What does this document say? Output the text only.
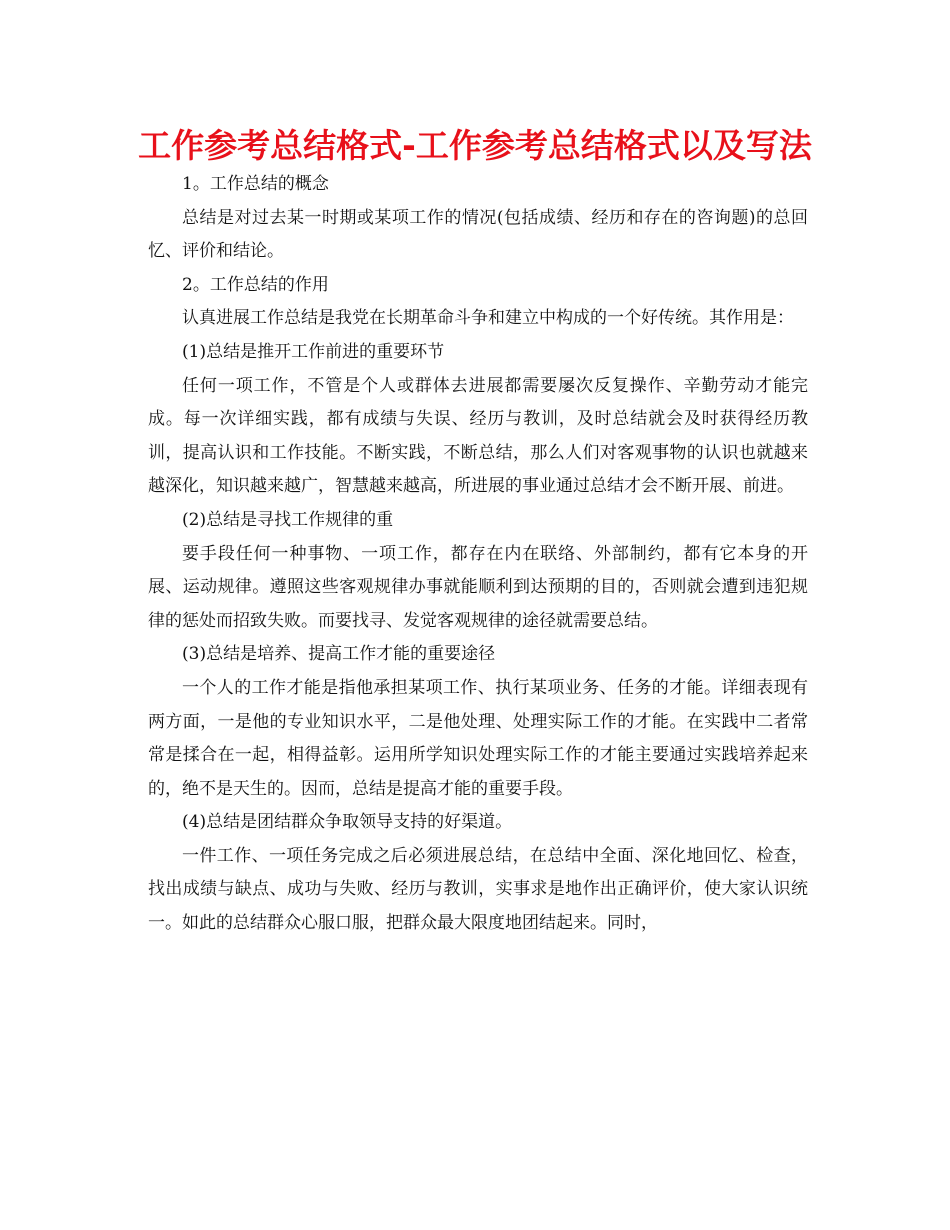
工作参考总结格式-工作参考总结格式以及写法

1。工作总结的概念

总结是对过去某一时期或某项工作的情况(包括成绩、经历和存在的咨询题)的总回忆、评价和结论。

2。工作总结的作用

认真进展工作总结是我党在长期革命斗争和建立中构成的一个好传统。其作用是：

(1)总结是推开工作前进的重要环节

任何一项工作，不管是个人或群体去进展都需要屡次反复操作、辛勤劳动才能完成。每一次详细实践，都有成绩与失误、经历与教训，及时总结就会及时获得经历教训，提高认识和工作技能。不断实践，不断总结，那么人们对客观事物的认识也就越来越深化，知识越来越广，智慧越来越高，所进展的事业通过总结才会不断开展、前进。

(2)总结是寻找工作规律的重

要手段任何一种事物、一项工作，都存在内在联络、外部制约，都有它本身的开展、运动规律。遵照这些客观规律办事就能顺利到达预期的目的，否则就会遭到违犯规律的惩处而招致失败。而要找寻、发觉客观规律的途径就需要总结。

(3)总结是培养、提高工作才能的重要途径

一个人的工作才能是指他承担某项工作、执行某项业务、任务的才能。详细表现有两方面，一是他的专业知识水平，二是他处理、处理实际工作的才能。在实践中二者常常是揉合在一起，相得益彰。运用所学知识处理实际工作的才能主要通过实践培养起来的，绝不是天生的。因而，总结是提高才能的重要手段。

(4)总结是团结群众争取领导支持的好渠道。

一件工作、一项任务完成之后必须进展总结，在总结中全面、深化地回忆、检查，找出成绩与缺点、成功与失败、经历与教训，实事求是地作出正确评价，使大家认识统一。如此的总结群众心服口服，把群众最大限度地团结起来。同时，
